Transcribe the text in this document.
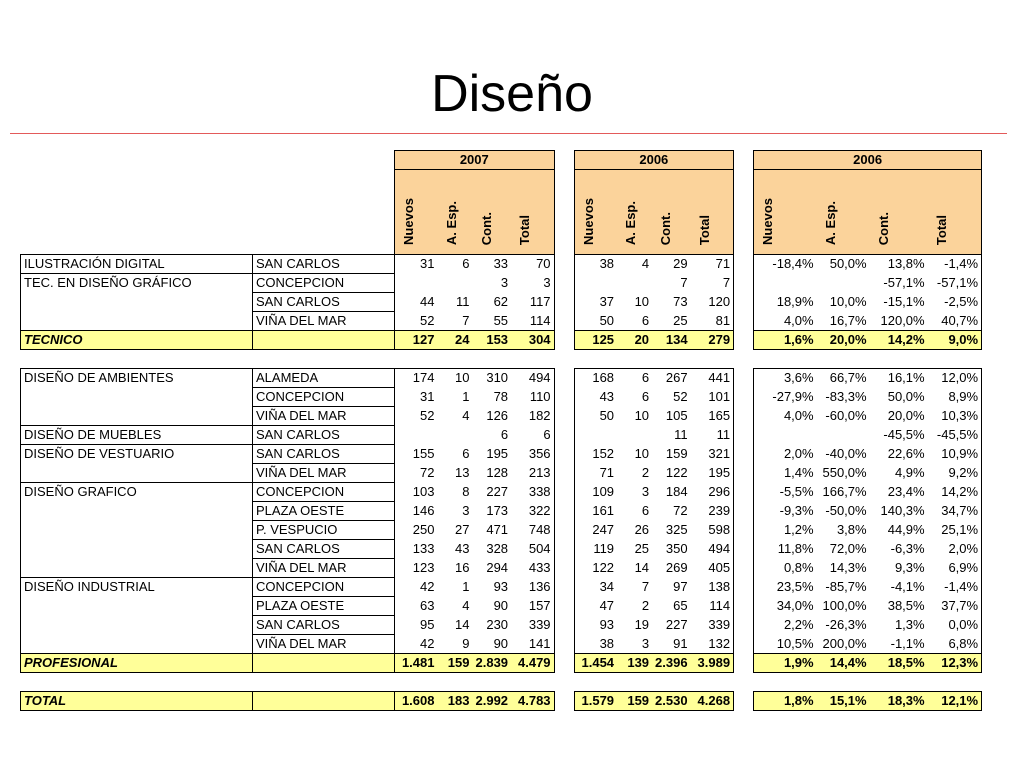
Diseño
		2007					2006					2006			
		Nuevos	A. Esp.	Cont.	Total		Nuevos	A. Esp.	Cont.	Total		Nuevos	A. Esp.	Cont.	Total
ILUSTRACIÓN DIGITAL	SAN CARLOS	31	6	33	70		38	4	29	71		-18,4%	50,0%	13,8%	-1,4%
TEC. EN DISEÑO GRÁFICO	CONCEPCION			3	3				7	7				-57,1%	-57,1%
	SAN CARLOS	44	11	62	117		37	10	73	120		18,9%	10,0%	-15,1%	-2,5%
	VIÑA DEL MAR	52	7	55	114		50	6	25	81		4,0%	16,7%	120,0%	40,7%
TECNICO		127	24	153	304		125	20	134	279		1,6%	20,0%	14,2%	9,0%

DISEÑO DE AMBIENTES	ALAMEDA	174	10	310	494		168	6	267	441		3,6%	66,7%	16,1%	12,0%
	CONCEPCION	31	1	78	110		43	6	52	101		-27,9%	-83,3%	50,0%	8,9%
	VIÑA DEL MAR	52	4	126	182		50	10	105	165		4,0%	-60,0%	20,0%	10,3%
DISEÑO DE MUEBLES	SAN CARLOS			6	6				11	11				-45,5%	-45,5%
DISEÑO DE VESTUARIO	SAN CARLOS	155	6	195	356		152	10	159	321		2,0%	-40,0%	22,6%	10,9%
	VIÑA DEL MAR	72	13	128	213		71	2	122	195		1,4%	550,0%	4,9%	9,2%
DISEÑO GRAFICO	CONCEPCION	103	8	227	338		109	3	184	296		-5,5%	166,7%	23,4%	14,2%
	PLAZA OESTE	146	3	173	322		161	6	72	239		-9,3%	-50,0%	140,3%	34,7%
	P. VESPUCIO	250	27	471	748		247	26	325	598		1,2%	3,8%	44,9%	25,1%
	SAN CARLOS	133	43	328	504		119	25	350	494		11,8%	72,0%	-6,3%	2,0%
	VIÑA DEL MAR	123	16	294	433		122	14	269	405		0,8%	14,3%	9,3%	6,9%
DISEÑO INDUSTRIAL	CONCEPCION	42	1	93	136		34	7	97	138		23,5%	-85,7%	-4,1%	-1,4%
	PLAZA OESTE	63	4	90	157		47	2	65	114		34,0%	100,0%	38,5%	37,7%
	SAN CARLOS	95	14	230	339		93	19	227	339		2,2%	-26,3%	1,3%	0,0%
	VIÑA DEL MAR	42	9	90	141		38	3	91	132		10,5%	200,0%	-1,1%	6,8%
PROFESIONAL		1.481	159	2.839	4.479		1.454	139	2.396	3.989		1,9%	14,4%	18,5%	12,3%

TOTAL		1.608	183	2.992	4.783		1.579	159	2.530	4.268		1,8%	15,1%	18,3%	12,1%
